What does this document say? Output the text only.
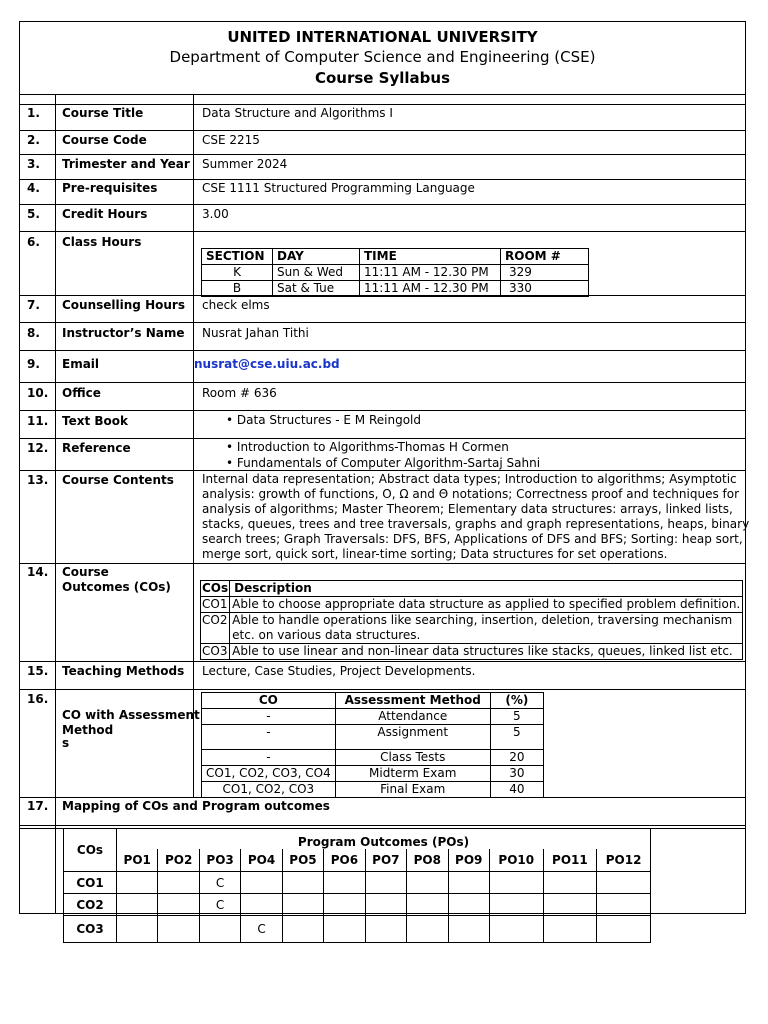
UNITED INTERNATIONAL UNIVERSITY
Department of Computer Science and Engineering (CSE)
Course Syllabus
1. Course Title	Data Structure and Algorithms I
2. Course Code	CSE 2215
3. Trimester and Year Summer 2024
4. Pre-requisites	CSE 1111 Structured Programming Language
5. Credit Hours	3.00
6. Class Hours
SECTION	DAY	TIME	ROOM #
K	Sun & Wed	11:11 AM - 12.30 PM	329
B	Sat & Tue	11:11 AM - 12.30 PM	330
7. Counselling Hours check elms
8. Instructor’s Name Nusrat Jahan Tithi
9. Email	nusrat@cse.uiu.ac.bd
10. Office	Room # 636
11. Text Book	• Data Structures - E M Reingold
12. Reference	• Introduction to Algorithms-Thomas H Cormen
• Fundamentals of Computer Algorithm-Sartaj Sahni
13. Course Contents Internal data representation; Abstract data types; Introduction to algorithms; Asymptotic
analysis: growth of functions, O, Ω and Θ notations; Correctness proof and techniques for
analysis of algorithms; Master Theorem; Elementary data structures: arrays, linked lists,
stacks, queues, trees and tree traversals, graphs and graph representations, heaps, binary
search trees; Graph Traversals: DFS, BFS, Applications of DFS and BFS; Sorting: heap sort,
merge sort, quick sort, linear-time sorting; Data structures for set operations.
14. Course
Outcomes (COs)	COs	Description
CO1	Able to choose appropriate data structure as applied to specified problem definition.

CO2	Able to handle operations like searching, insertion, deletion, traversing mechanism
etc. on various data structures.

CO3	Able to use linear and non-linear data structures like stacks, queues, linked list etc.
15. Teaching Methods Lecture, Case Studies, Project Developments.
16.
CO with Assessment
Method
s
CO	Assessment Method	(%)
-	Attendance	5
-	Assignment	5
-	Class Tests	20
CO1, CO2, CO3, CO4	Midterm Exam	30
CO1, CO2, CO3	Final Exam	40
17. Mapping of COs and Program outcomes
COs	Program Outcomes (POs)											
	PO1	PO2	PO3	PO4	PO5	PO6	PO7	PO8	PO9	PO10	PO11	PO12
CO1			C									
CO2			C									
CO3				C								
